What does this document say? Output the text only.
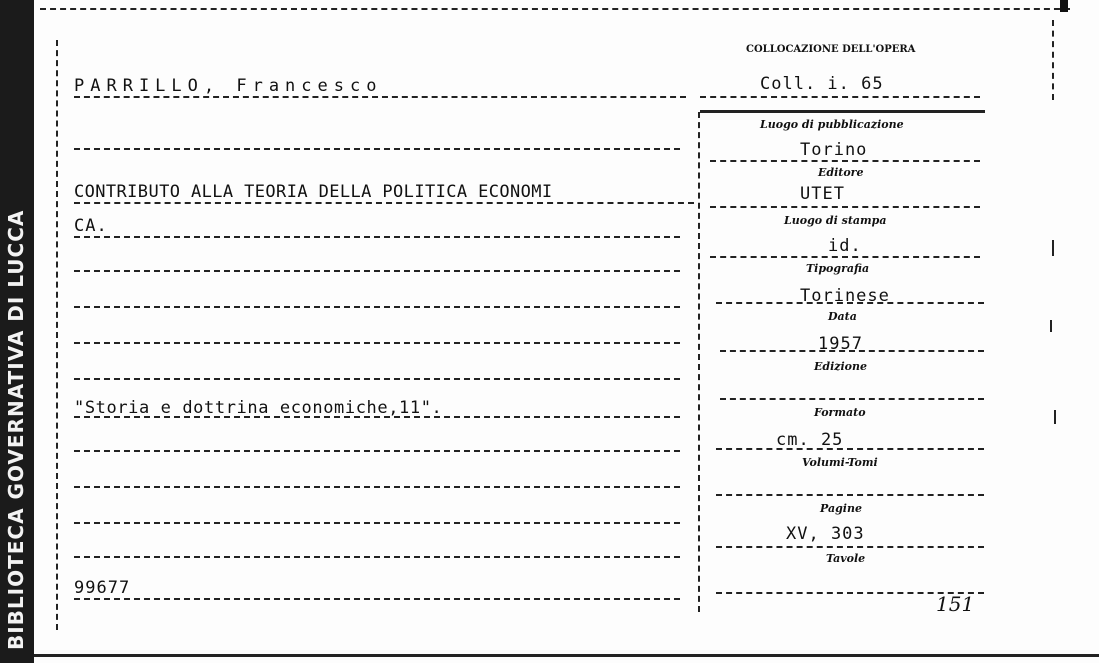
BIBLIOTECA GOVERNATIVA DI LUCCA
PARRILLO, Francesco
CONTRIBUTO ALLA TEORIA DELLA POLITICA ECONOMI
CA.
"Storia e dottrina economiche,11".
99677
COLLOCAZIONE DELL'OPERA
Coll. i. 65
Luogo di pubblicazione
Torino
Editore
UTET
Luogo di stampa
id.
Tipografia
Torinese
Data
1957
Edizione
Formato
cm. 25
Volumi-Tomi
Pagine
XV, 303
Tavole
151
